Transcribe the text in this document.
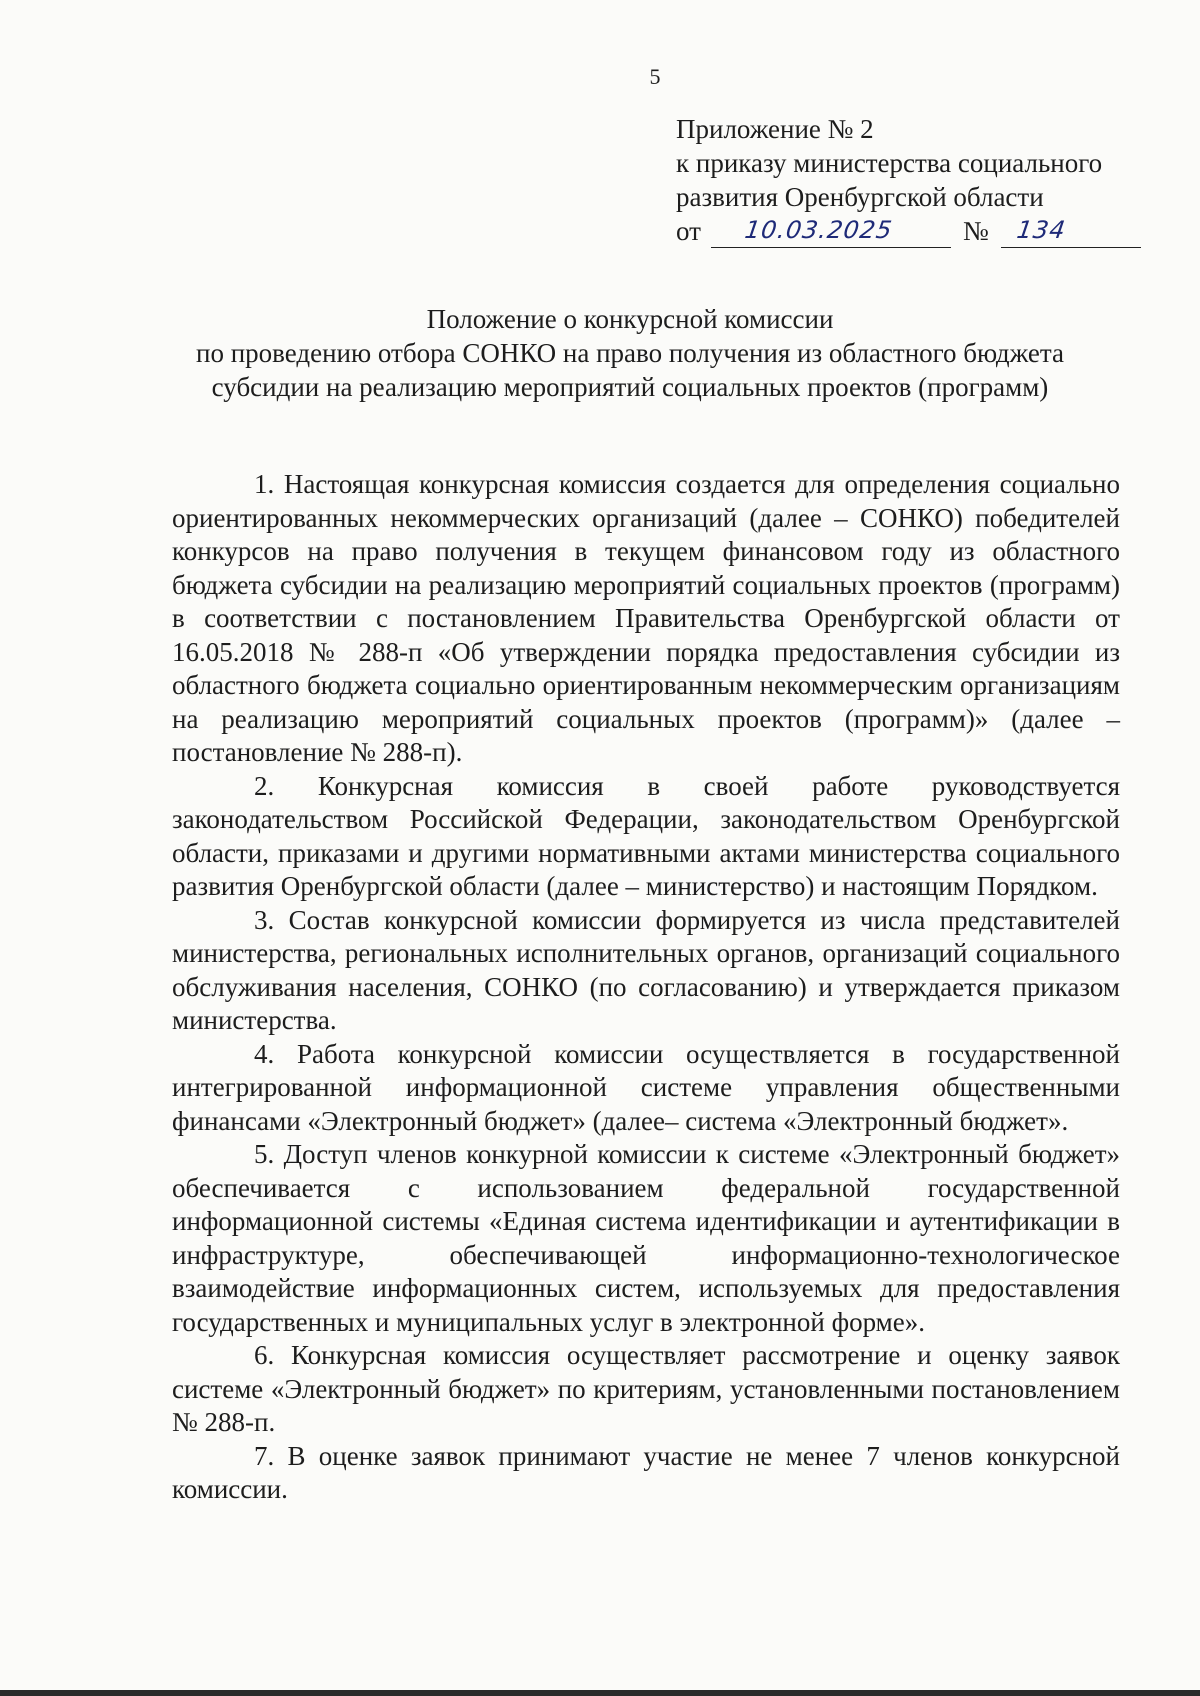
5
Приложение № 2
к приказу министерства социального
развития Оренбургской области
от 10.03.2025	№ 134
Положение о конкурсной комиссии
по проведению отбора СОНКО на право получения из областного бюджета
субсидии на реализацию мероприятий социальных проектов (программ)

1. Настоящая конкурсная комиссия создается для определения социально ориентированных некоммерческих организаций (далее – СОНКО) победителей конкурсов на право получения в текущем финансовом году из областного бюджета субсидии на реализацию мероприятий социальных проектов (программ) в соответствии с постановлением Правительства Оренбургской области от 16.05.2018 № 288-п «Об утверждении порядка предоставления субсидии из областного бюджета социально ориентированным некоммерческим организациям на реализацию мероприятий социальных проектов (программ)» (далее – постановление № 288-п).

2. Конкурсная комиссия в своей работе руководствуется законодательством Российской Федерации, законодательством Оренбургской области, приказами и другими нормативными актами министерства социального развития Оренбургской области (далее – министерство) и настоящим Порядком.

3. Состав конкурсной комиссии формируется из числа представителей министерства, региональных исполнительных органов, организаций социального обслуживания населения, СОНКО (по согласованию) и утверждается приказом министерства.

4. Работа конкурсной комиссии осуществляется в государственной интегрированной информационной системе управления общественными финансами «Электронный бюджет» (далее– система «Электронный бюджет».

5. Доступ членов конкурной комиссии к системе «Электронный бюджет» обеспечивается с использованием федеральной государственной информационной системы «Единая система идентификации и аутентификации в инфраструктуре, обеспечивающей информационно-технологическое взаимодействие информационных систем, используемых для предоставления государственных и муниципальных услуг в электронной форме».

6. Конкурсная комиссия осуществляет рассмотрение и оценку заявок системе «Электронный бюджет» по критериям, установленными постановлением № 288-п.

7. В оценке заявок принимают участие не менее 7 членов конкурсной комиссии.
